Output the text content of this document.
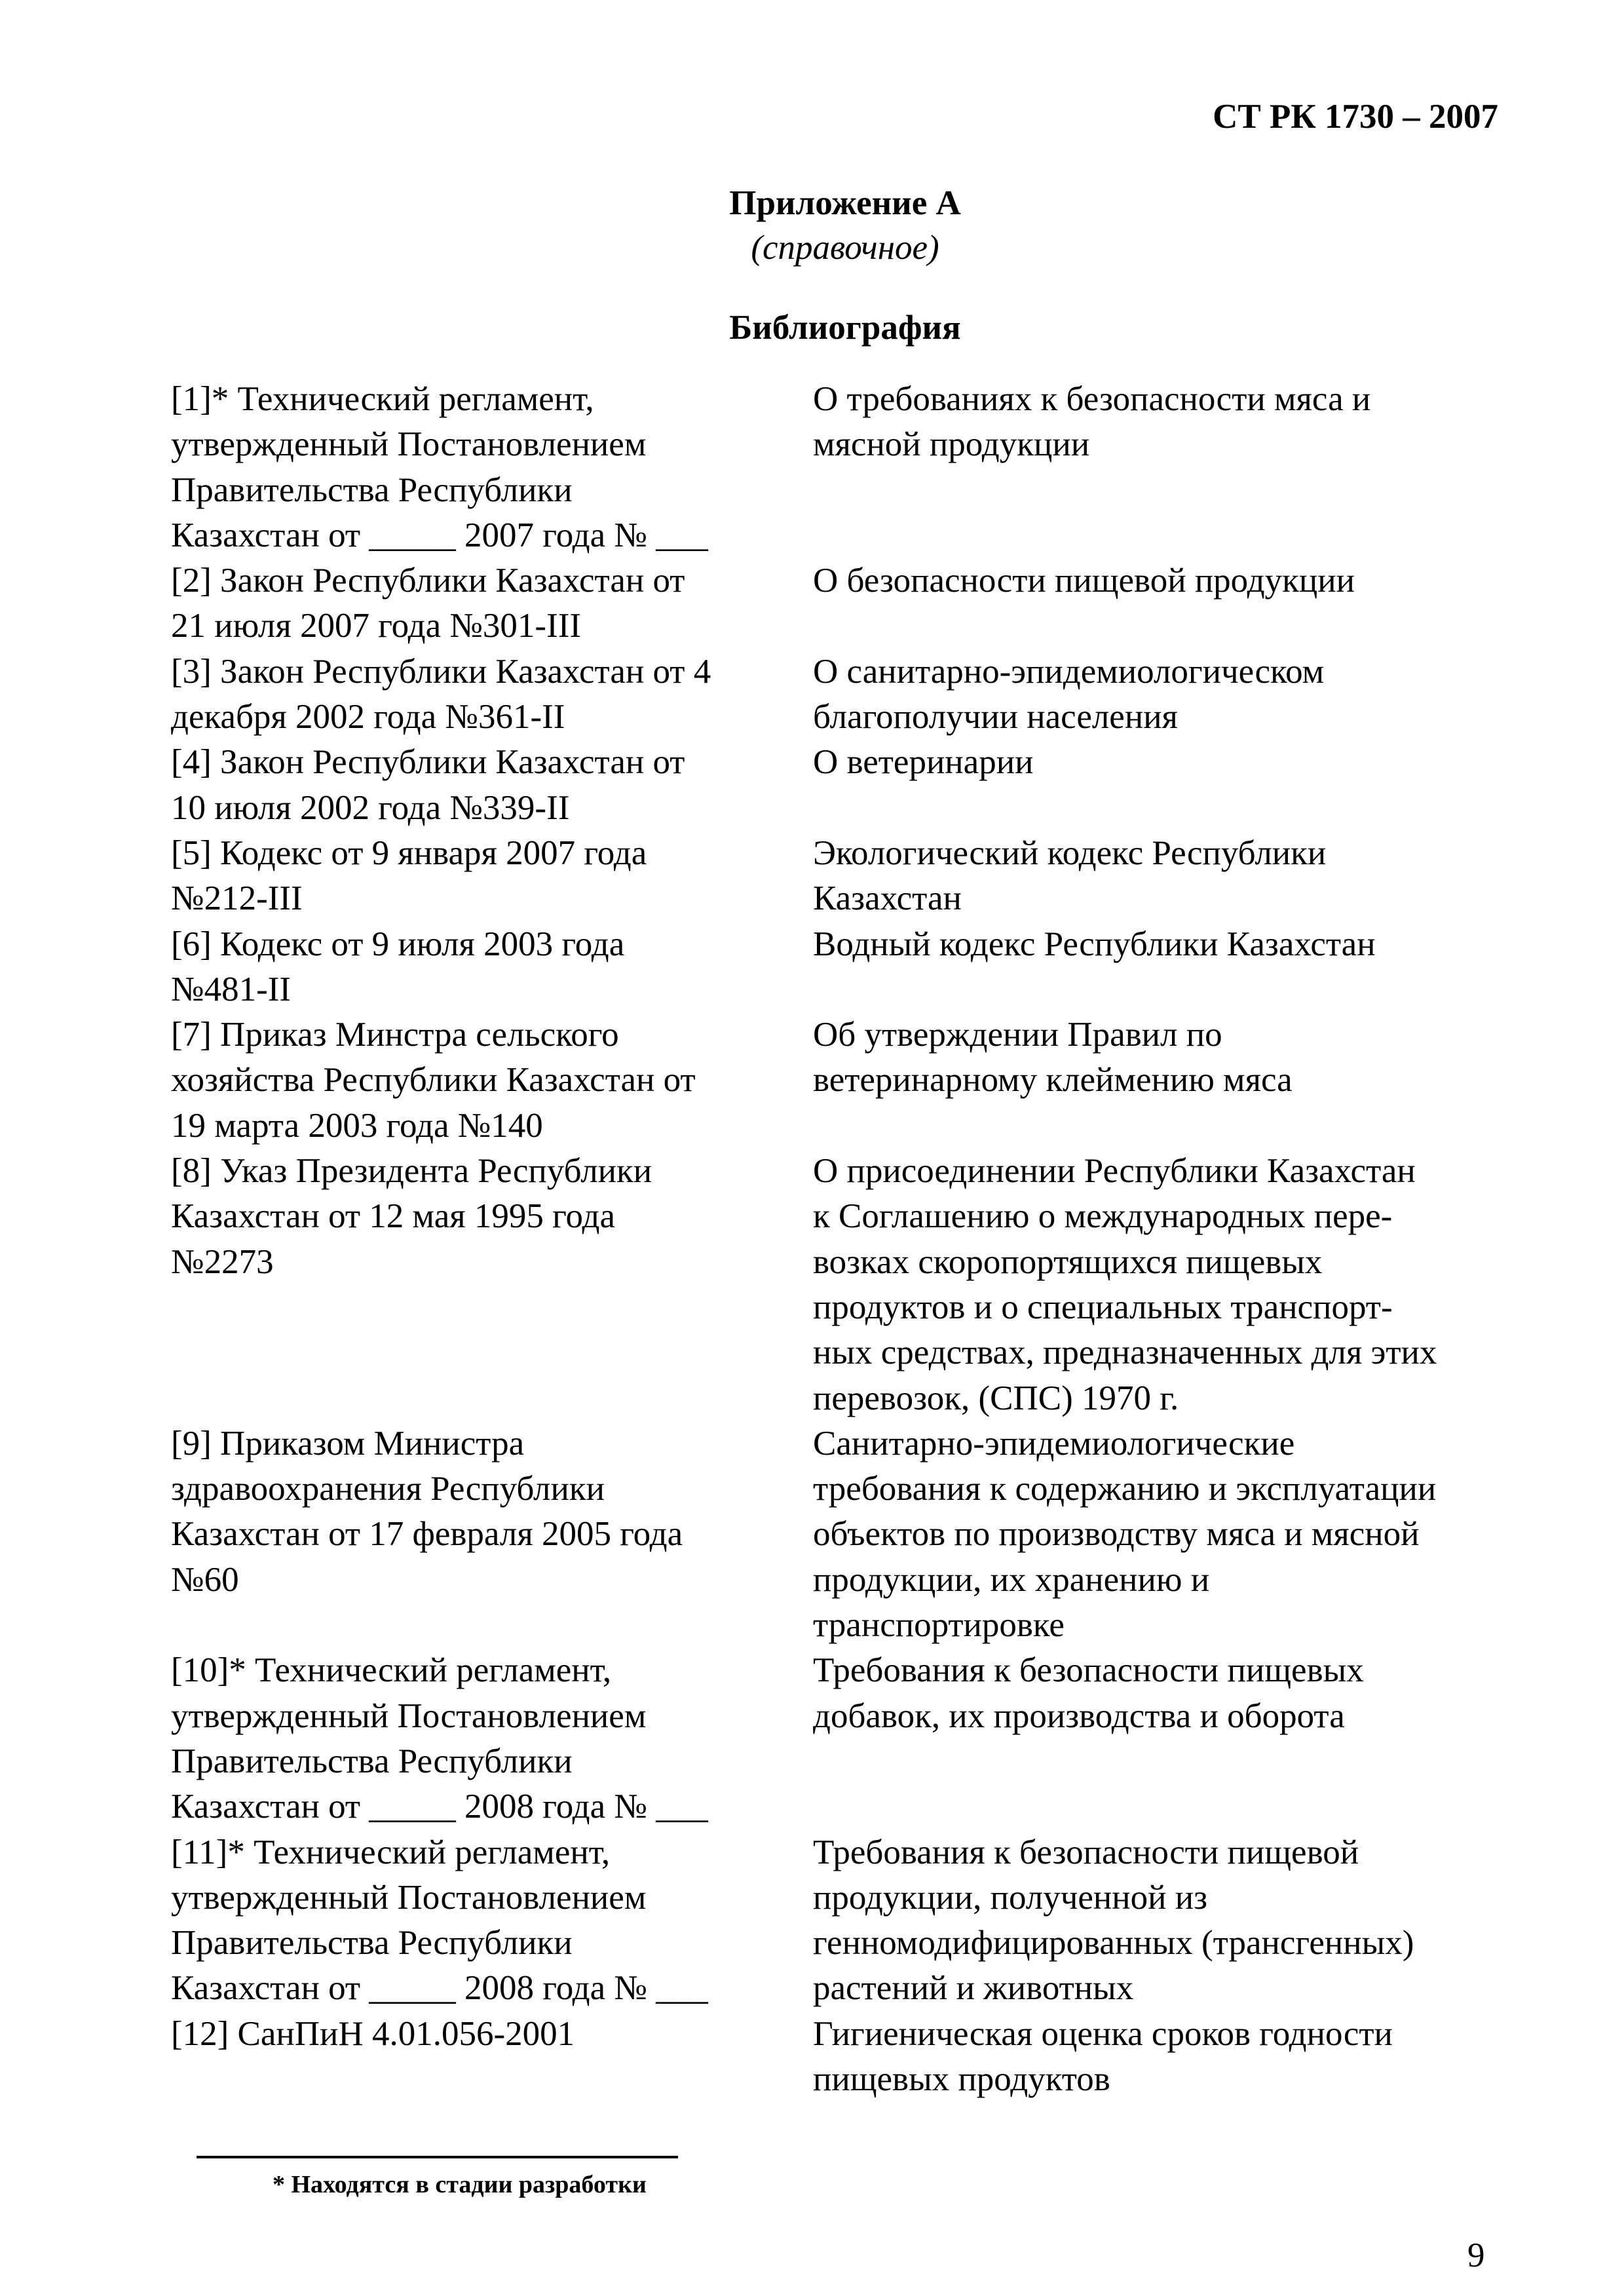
СТ РК 1730 – 2007
Приложение А
(справочное)
Библиография
[1]* Технический регламент,
утвержденный Постановлением
Правительства Республики
Казахстан от _____ 2007 года № ___
О требованиях к безопасности мяса и
мясной продукции
[2] Закон Республики Казахстан от
21 июля 2007 года №301-III
О безопасности пищевой продукции
[3] Закон Республики Казахстан от 4
декабря 2002 года №361-II
О санитарно-эпидемиологическом
благополучии населения
[4] Закон Республики Казахстан от
10 июля 2002 года №339-II
О ветеринарии
[5] Кодекс от 9 января 2007 года
№212-III
Экологический кодекс Республики
Казахстан
[6] Кодекс от 9 июля 2003 года
№481-II
Водный кодекс Республики Казахстан
[7] Приказ Минстра сельского
хозяйства Республики Казахстан от
19 марта 2003 года №140
Об утверждении Правил по
ветеринарному клеймению мяса
[8] Указ Президента Республики
Казахстан от 12 мая 1995 года
№2273
О присоединении Республики Казахстан
к Соглашению о международных пере-
возках скоропортящихся пищевых
продуктов и о специальных транспорт-
ных средствах, предназначенных для этих
перевозок, (СПС) 1970 г.
[9] Приказом Министра
здравоохранения Республики
Казахстан от 17 февраля 2005 года
№60
Санитарно-эпидемиологические
требования к содержанию и эксплуатации
объектов по производству мяса и мясной
продукции, их хранению и
транспортировке
[10]* Технический регламент,
утвержденный Постановлением
Правительства Республики
Казахстан от _____ 2008 года № ___
Требования к безопасности пищевых
добавок, их производства и оборота
[11]* Технический регламент,
утвержденный Постановлением
Правительства Республики
Казахстан от _____ 2008 года № ___
Требования к безопасности пищевой
продукции, полученной из
генномодифицированных (трансгенных)
растений и животных
[12] СанПиН 4.01.056-2001	Гигиеническая оценка сроков годности
пищевых продуктов
* Находятся в стадии разработки
9
